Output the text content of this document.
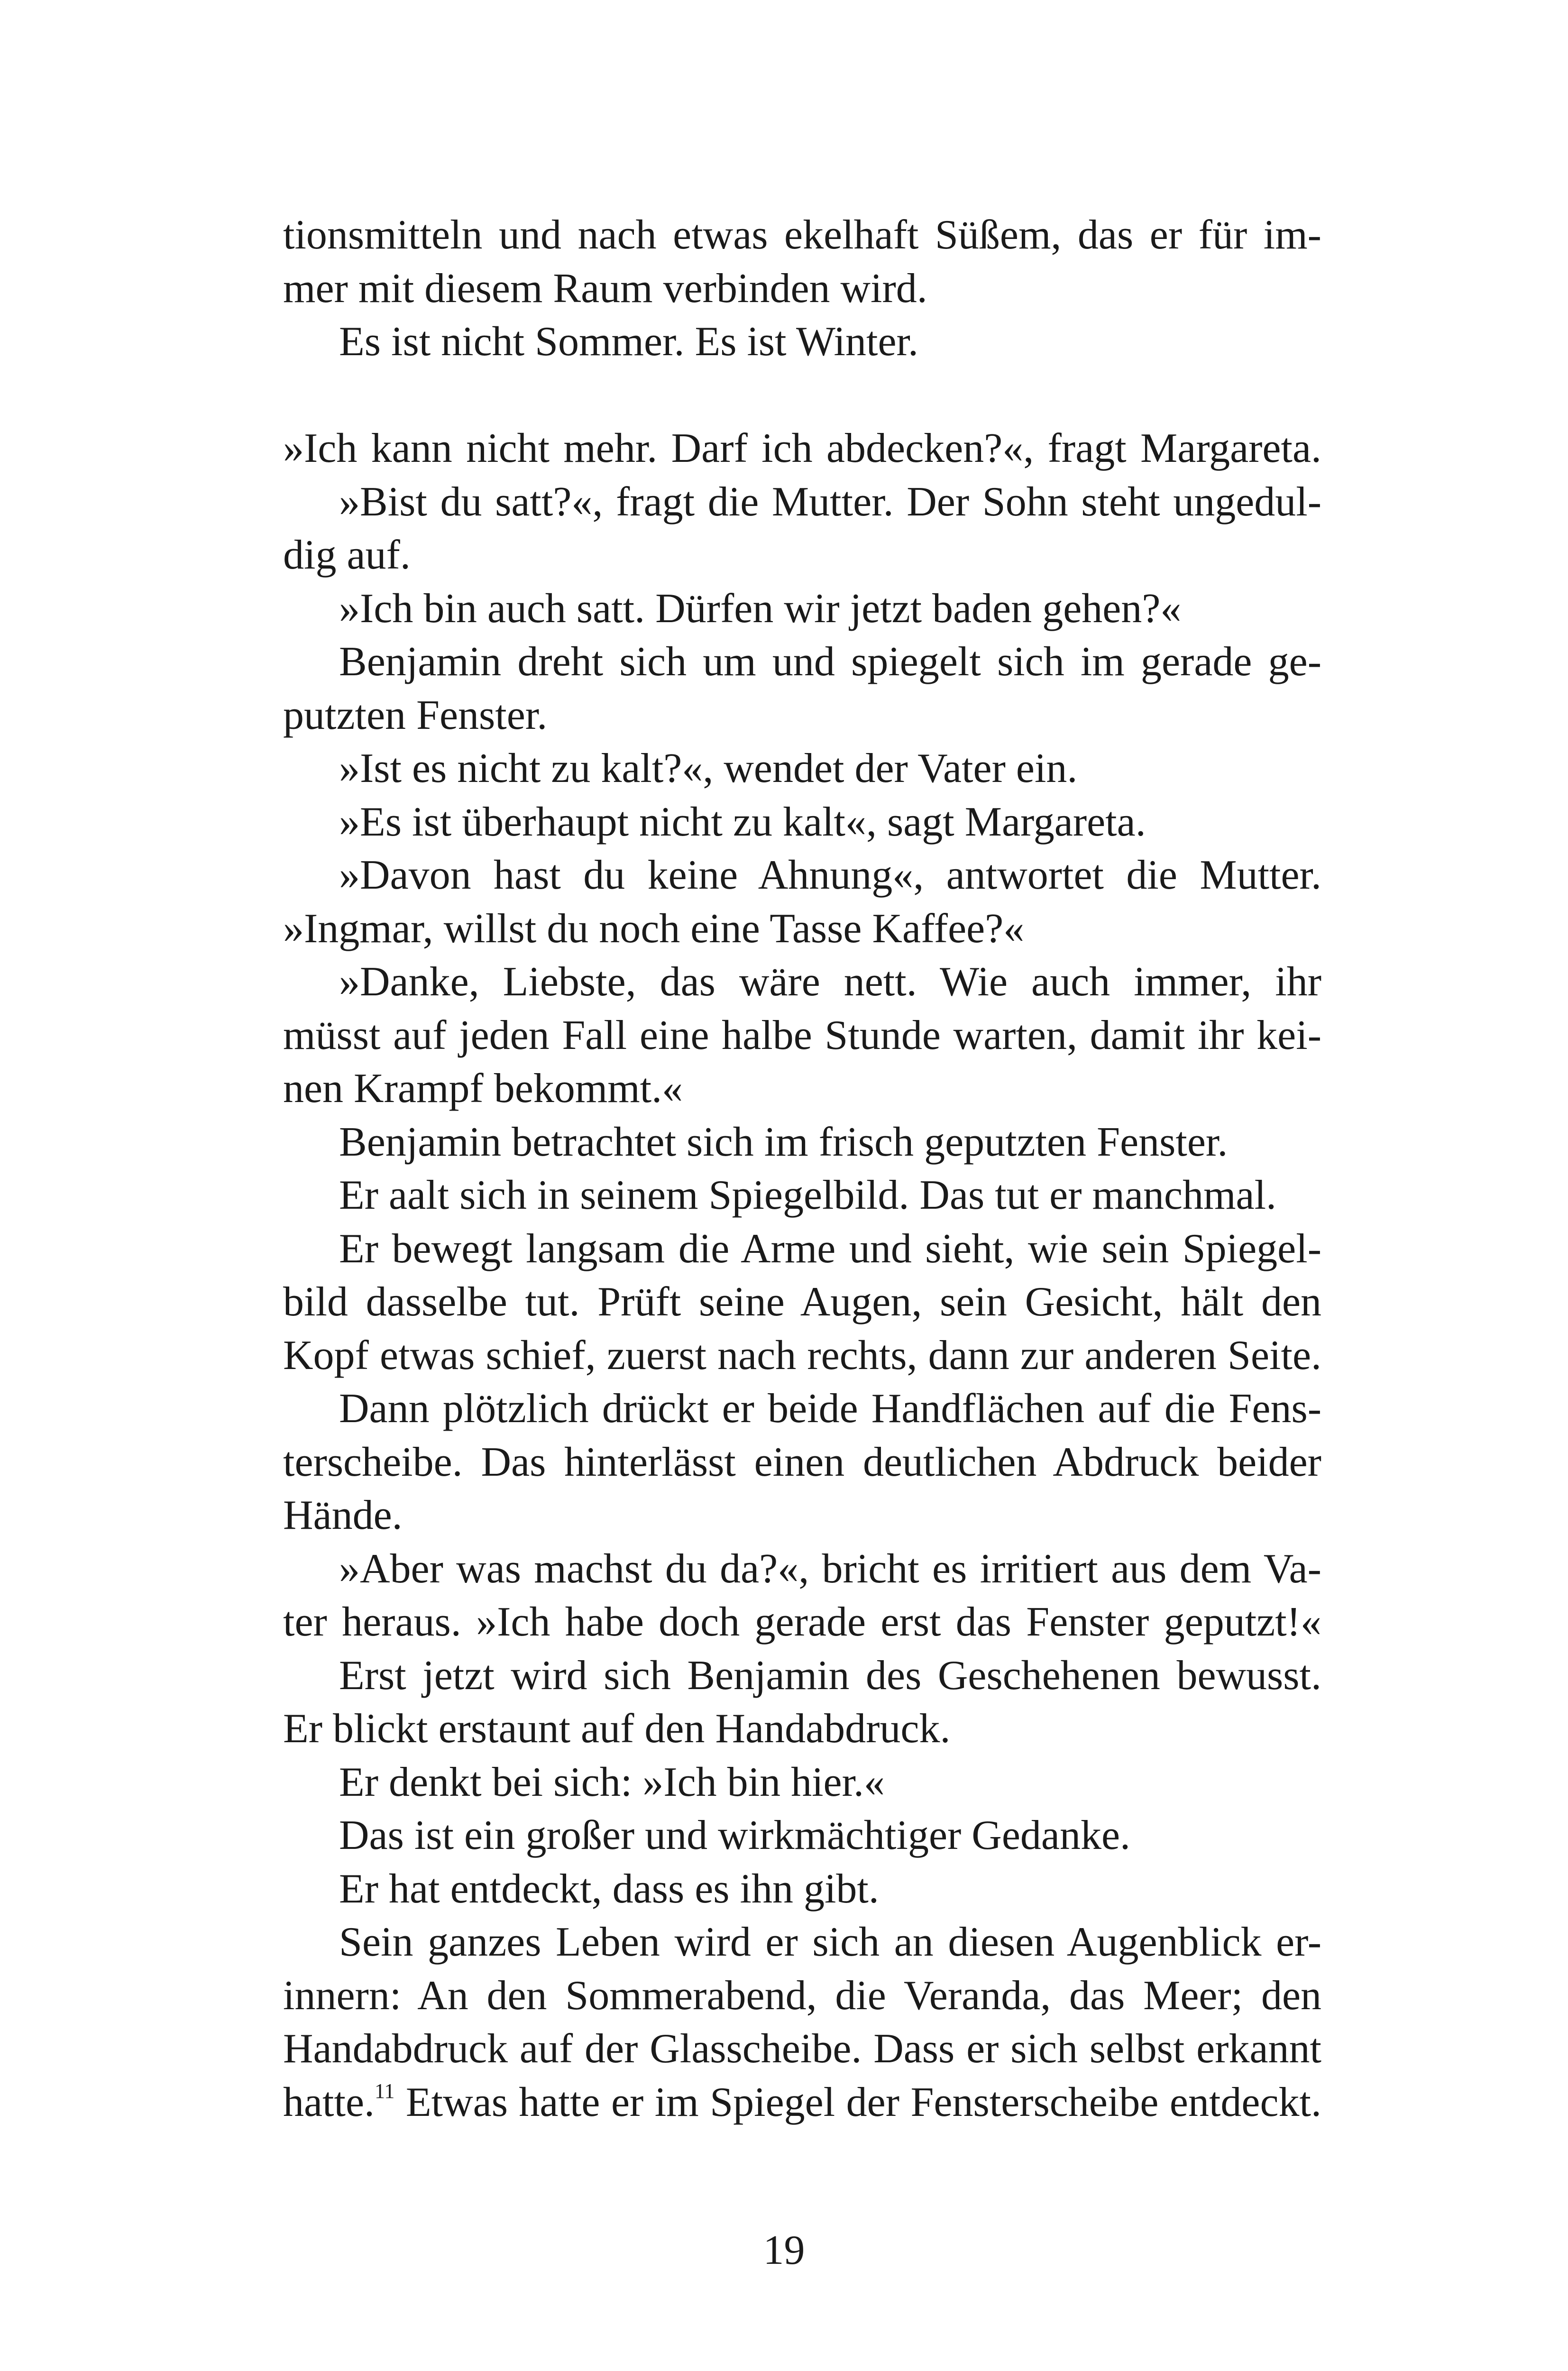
tionsmitteln und nach etwas ekelhaft Süßem, das er für im-
mer mit diesem Raum verbinden wird.
Es ist nicht Sommer. Es ist Winter.
»Ich kann nicht mehr. Darf ich abdecken?«, fragt Margareta.
»Bist du satt?«, fragt die Mutter. Der Sohn steht ungedul-
dig auf.
»Ich bin auch satt. Dürfen wir jetzt baden gehen?«
Benjamin dreht sich um und spiegelt sich im gerade ge-
putzten Fenster.
»Ist es nicht zu kalt?«, wendet der Vater ein.
»Es ist überhaupt nicht zu kalt«, sagt Margareta.
»Davon hast du keine Ahnung«, antwortet die Mutter.
»Ingmar, willst du noch eine Tasse Kaffee?«
»Danke, Liebste, das wäre nett. Wie auch immer, ihr
müsst auf jeden Fall eine halbe Stunde warten, damit ihr kei-
nen Krampf bekommt.«
Benjamin betrachtet sich im frisch geputzten Fenster.
Er aalt sich in seinem Spiegelbild. Das tut er manchmal.
Er bewegt langsam die Arme und sieht, wie sein Spiegel-
bild dasselbe tut. Prüft seine Augen, sein Gesicht, hält den
Kopf etwas schief, zuerst nach rechts, dann zur anderen Seite.
Dann plötzlich drückt er beide Handflächen auf die Fens-
terscheibe. Das hinterlässt einen deutlichen Abdruck beider
Hände.
»Aber was machst du da?«, bricht es irritiert aus dem Va-
ter heraus. »Ich habe doch gerade erst das Fenster geputzt!«
Erst jetzt wird sich Benjamin des Geschehenen bewusst.
Er blickt erstaunt auf den Handabdruck.
Er denkt bei sich: »Ich bin hier.«
Das ist ein großer und wirkmächtiger Gedanke.
Er hat entdeckt, dass es ihn gibt.
Sein ganzes Leben wird er sich an diesen Augenblick er-
innern: An den Sommerabend, die Veranda, das Meer; den
Handabdruck auf der Glasscheibe. Dass er sich selbst erkannt
hatte.$^{11}$ Etwas hatte er im Spiegel der Fensterscheibe entdeckt.
19
